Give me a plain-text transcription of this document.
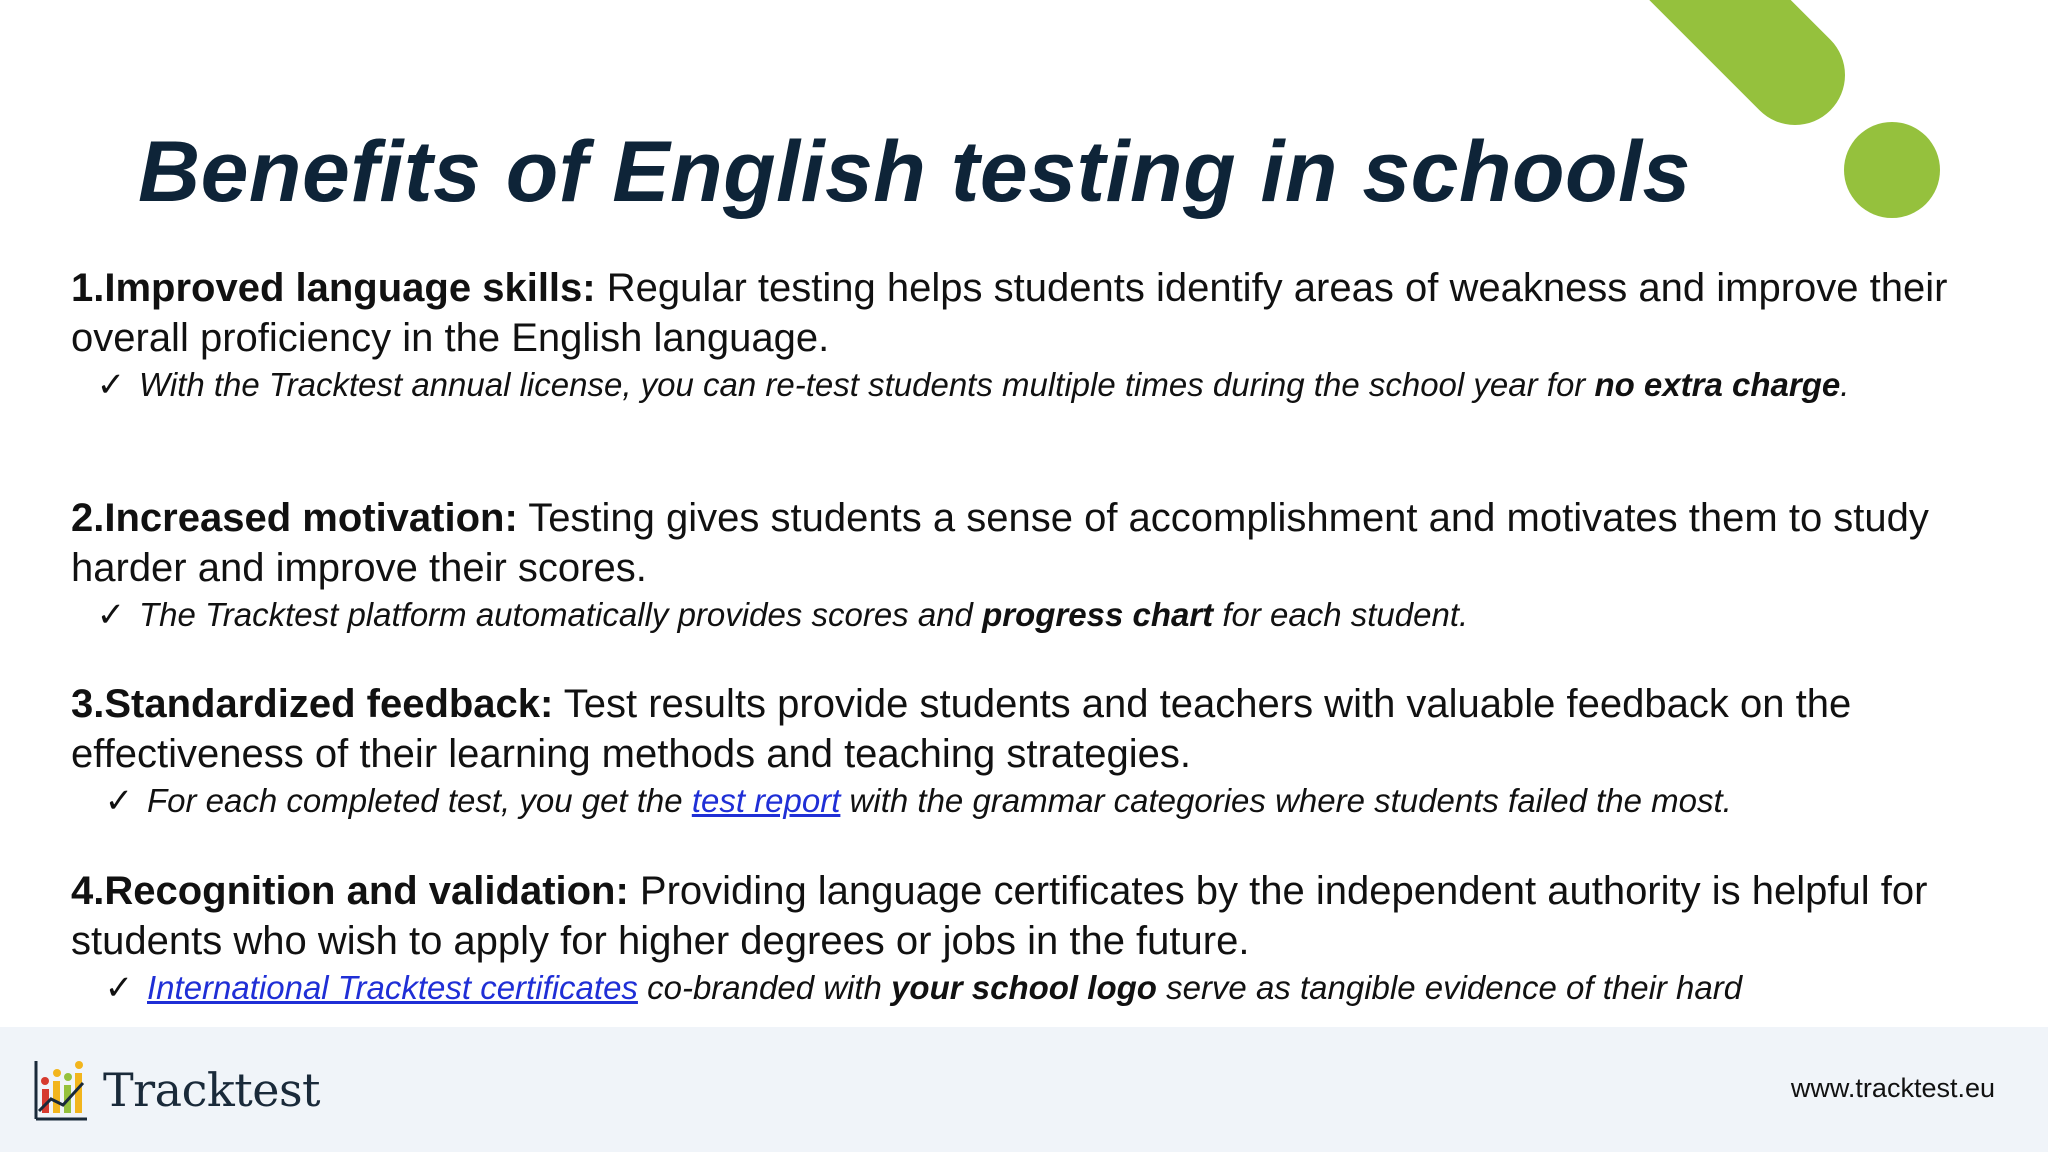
Benefits of English testing in schools
1.Improved language skills: Regular testing helps students identify areas of weakness and improve their overall proficiency in the English language.
✓ With the Tracktest annual license, you can re-test students multiple times during the school year for no extra charge.
2.Increased motivation: Testing gives students a sense of accomplishment and motivates them to study harder and improve their scores.
✓ The Tracktest platform automatically provides scores and progress chart for each student.
3.Standardized feedback: Test results provide students and teachers with valuable feedback on the effectiveness of their learning methods and teaching strategies.
✓ For each completed test, you get the test report with the grammar categories where students failed the most.
4.Recognition and validation: Providing language certificates by the independent authority is helpful for students who wish to apply for higher degrees or jobs in the future.
✓ International Tracktest certificates co-branded with your school logo serve as tangible evidence of their hard
Tracktest	www.tracktest.eu
